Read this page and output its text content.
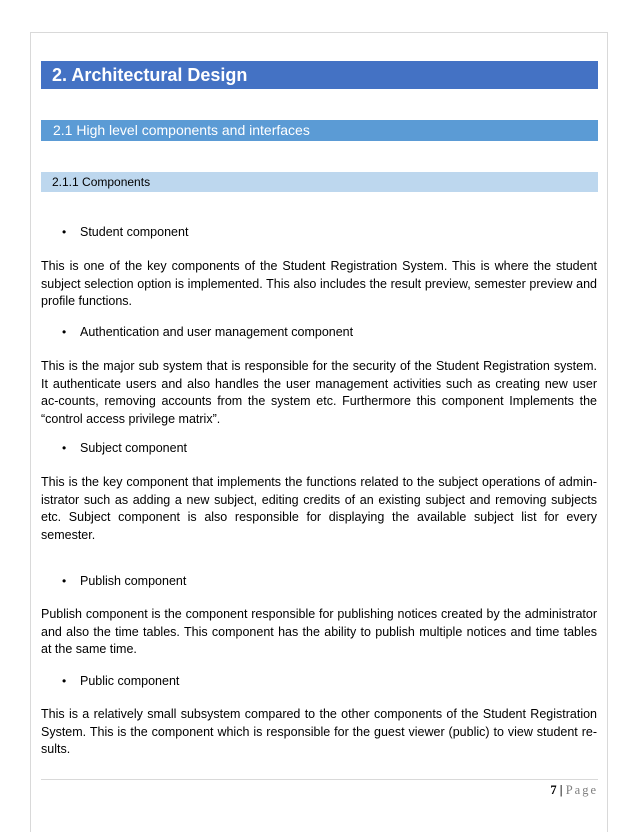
2. Architectural Design
2.1 High level components and interfaces
2.1.1 Components
• Student component
This is one of the key components of the Student Registration System. This is where the student subject selection option is implemented. This also includes the result preview, semester preview and profile functions.
• Authentication and user management component
This is the major sub system that is responsible for the security of the Student Registration system. It authenticate users and also handles the user management activities such as creating new user ac-counts, removing accounts from the system etc. Furthermore this component Implements the “control access privilege matrix”.
• Subject component
This is the key component that implements the functions related to the subject operations of admin-istrator such as adding a new subject, editing credits of an existing subject and removing subjects etc. Subject component is also responsible for displaying the available subject list for every semester.
• Publish component
Publish component is the component responsible for publishing notices created by the administrator and also the time tables. This component has the ability to publish multiple notices and time tables at the same time.
• Public component
This is a relatively small subsystem compared to the other components of the Student Registration System. This is the component which is responsible for the guest viewer (public) to view student re-sults.
7 | Page
